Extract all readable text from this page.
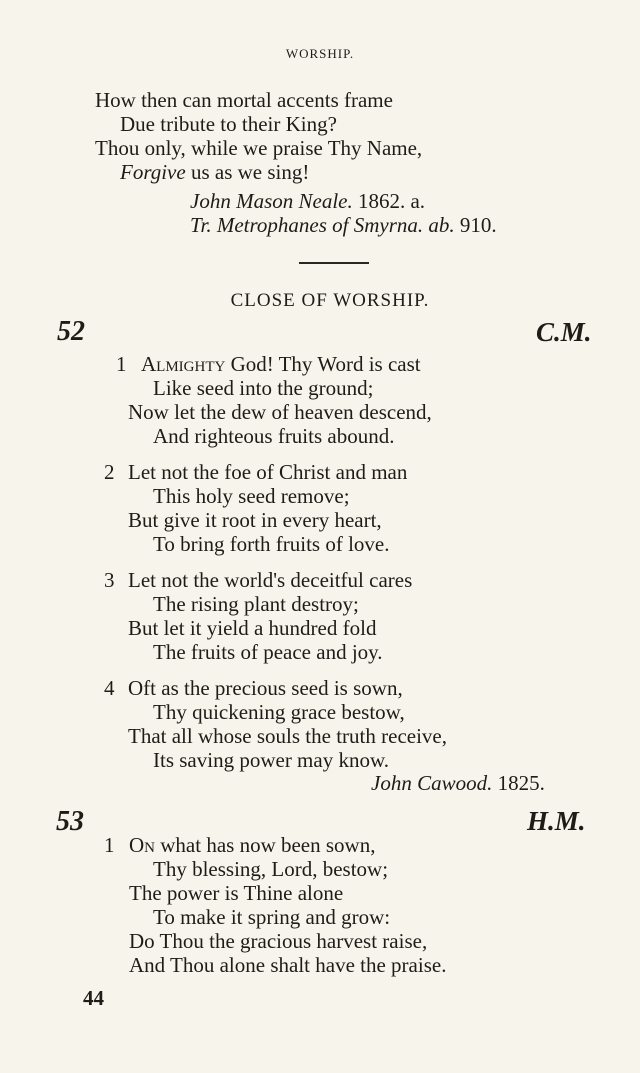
WORSHIP.
How then can mortal accents frame
Due tribute to their King?
Thou only, while we praise Thy Name,
Forgive us as we sing!
John Mason Neale. 1862. a.
Tr. Metrophanes of Smyrna. ab. 910.
CLOSE OF WORSHIP.
52	C.M.
1 Almighty God! Thy Word is cast
Like seed into the ground;
Now let the dew of heaven descend,
And righteous fruits abound.
2 Let not the foe of Christ and man
This holy seed remove;
But give it root in every heart,
To bring forth fruits of love.
3 Let not the world's deceitful cares
The rising plant destroy;
But let it yield a hundred fold
The fruits of peace and joy.
4 Oft as the precious seed is sown,
Thy quickening grace bestow,
That all whose souls the truth receive,
Its saving power may know.
John Cawood. 1825.
53	H.M.
1 On what has now been sown,
Thy blessing, Lord, bestow;
The power is Thine alone
To make it spring and grow:
Do Thou the gracious harvest raise,
And Thou alone shalt have the praise.
44
